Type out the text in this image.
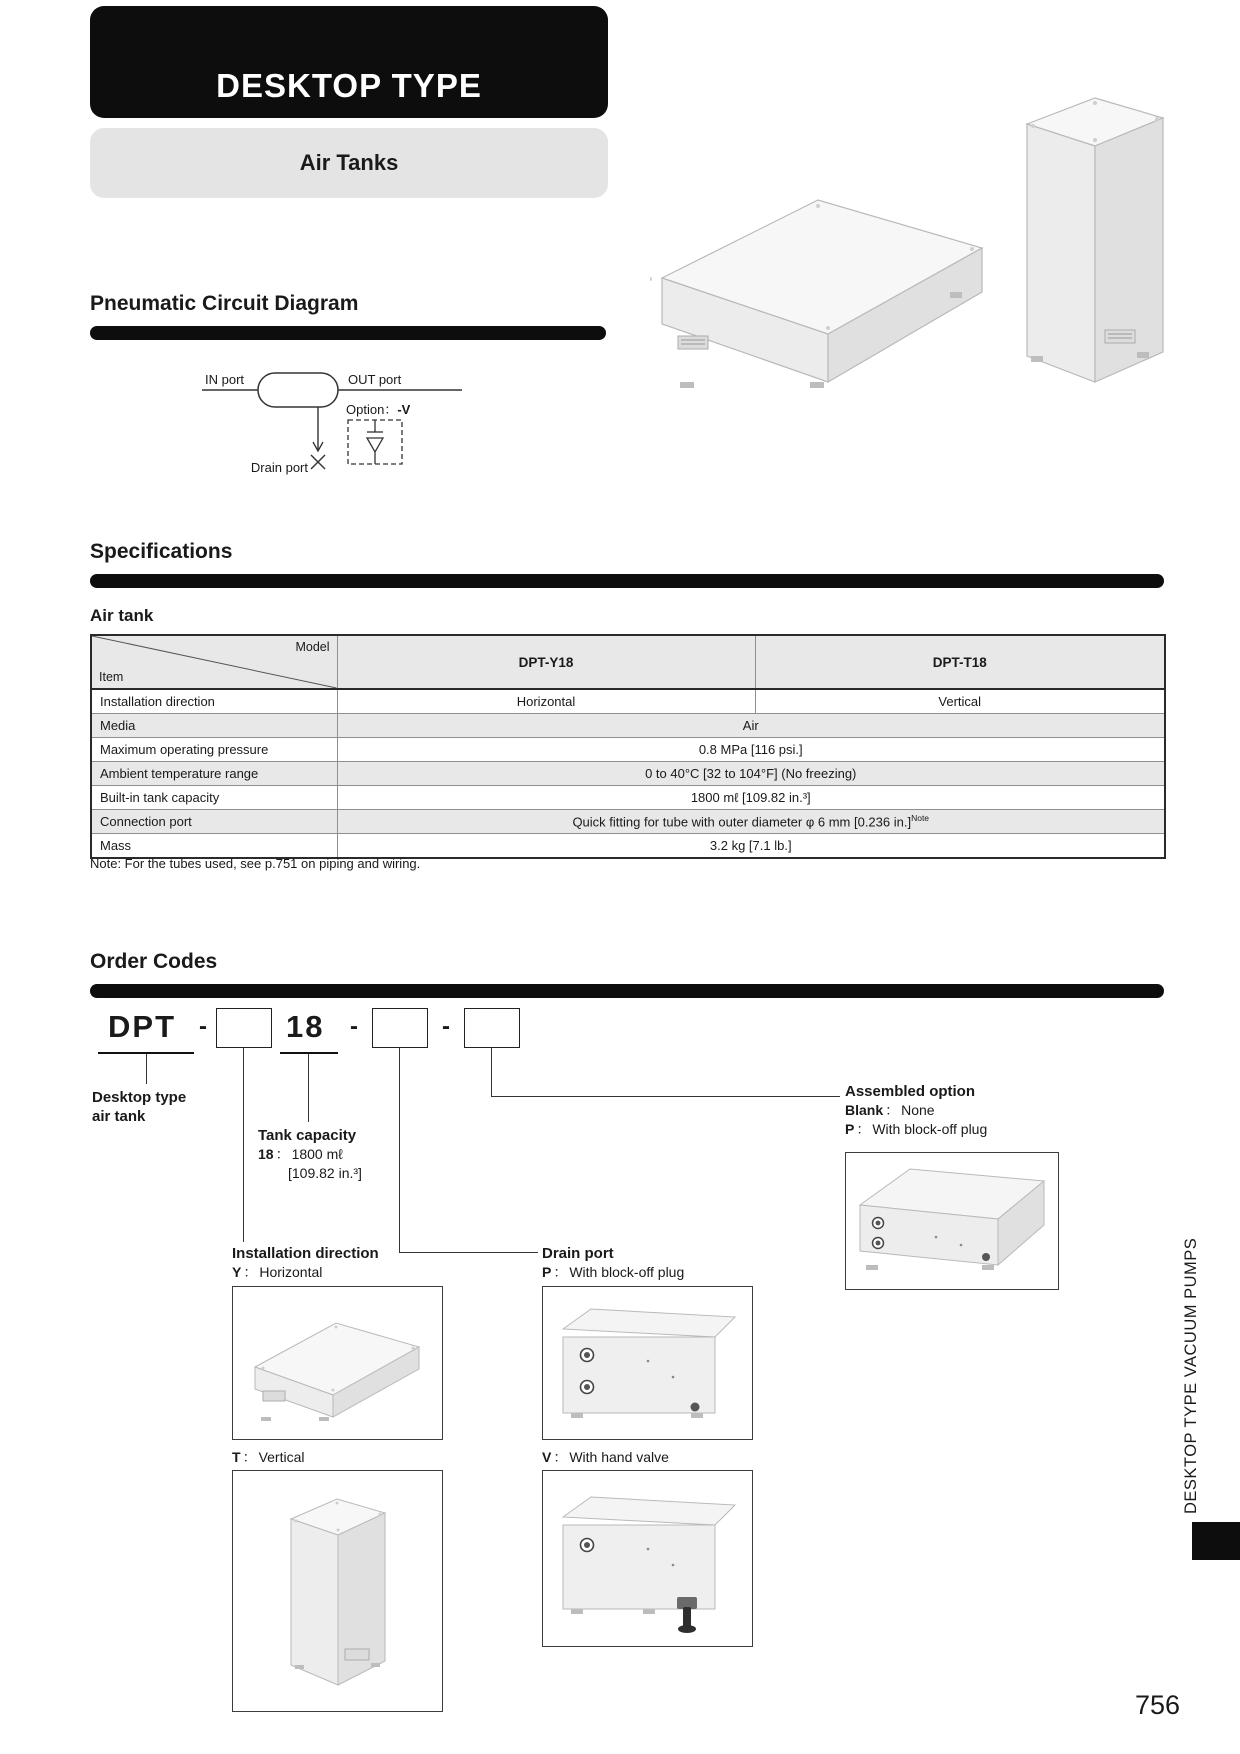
DESKTOP TYPE
Air Tanks
Pneumatic Circuit Diagram
IN port	OUT port
Option：-V
Drain port
Specifications
Air tank
Model
Item	DPT-Y18	DPT-T18
Installation direction	Horizontal	Vertical
Media	Air	
Maximum operating pressure	0.8 MPa [116 psi.]	
Ambient temperature range	0 to 40°C [32 to 104°F] (No freezing)	
Built-in tank capacity	1800 mℓ [109.82 in.³]	
Connection port	Quick fitting for tube with outer diameter φ 6 mm [0.236 in.]$^{Note}$
Mass	3.2 kg [7.1 lb.]	
Note: For the tubes used, see p.751 on piping and wiring.
Order Codes
DPT -	18 -	-
Desktop type
air tank
Assembled option
Blank ： None
P ： With block-off plug
Tank capacity
18 ： 1800 mℓ
[109.82 in.³]
Installation direction
Y ： Horizontal
T ： Vertical
Drain port
P ： With block-off plug
V ： With hand valve	DESKTOP TYPE VACUUM PUMPS
756
